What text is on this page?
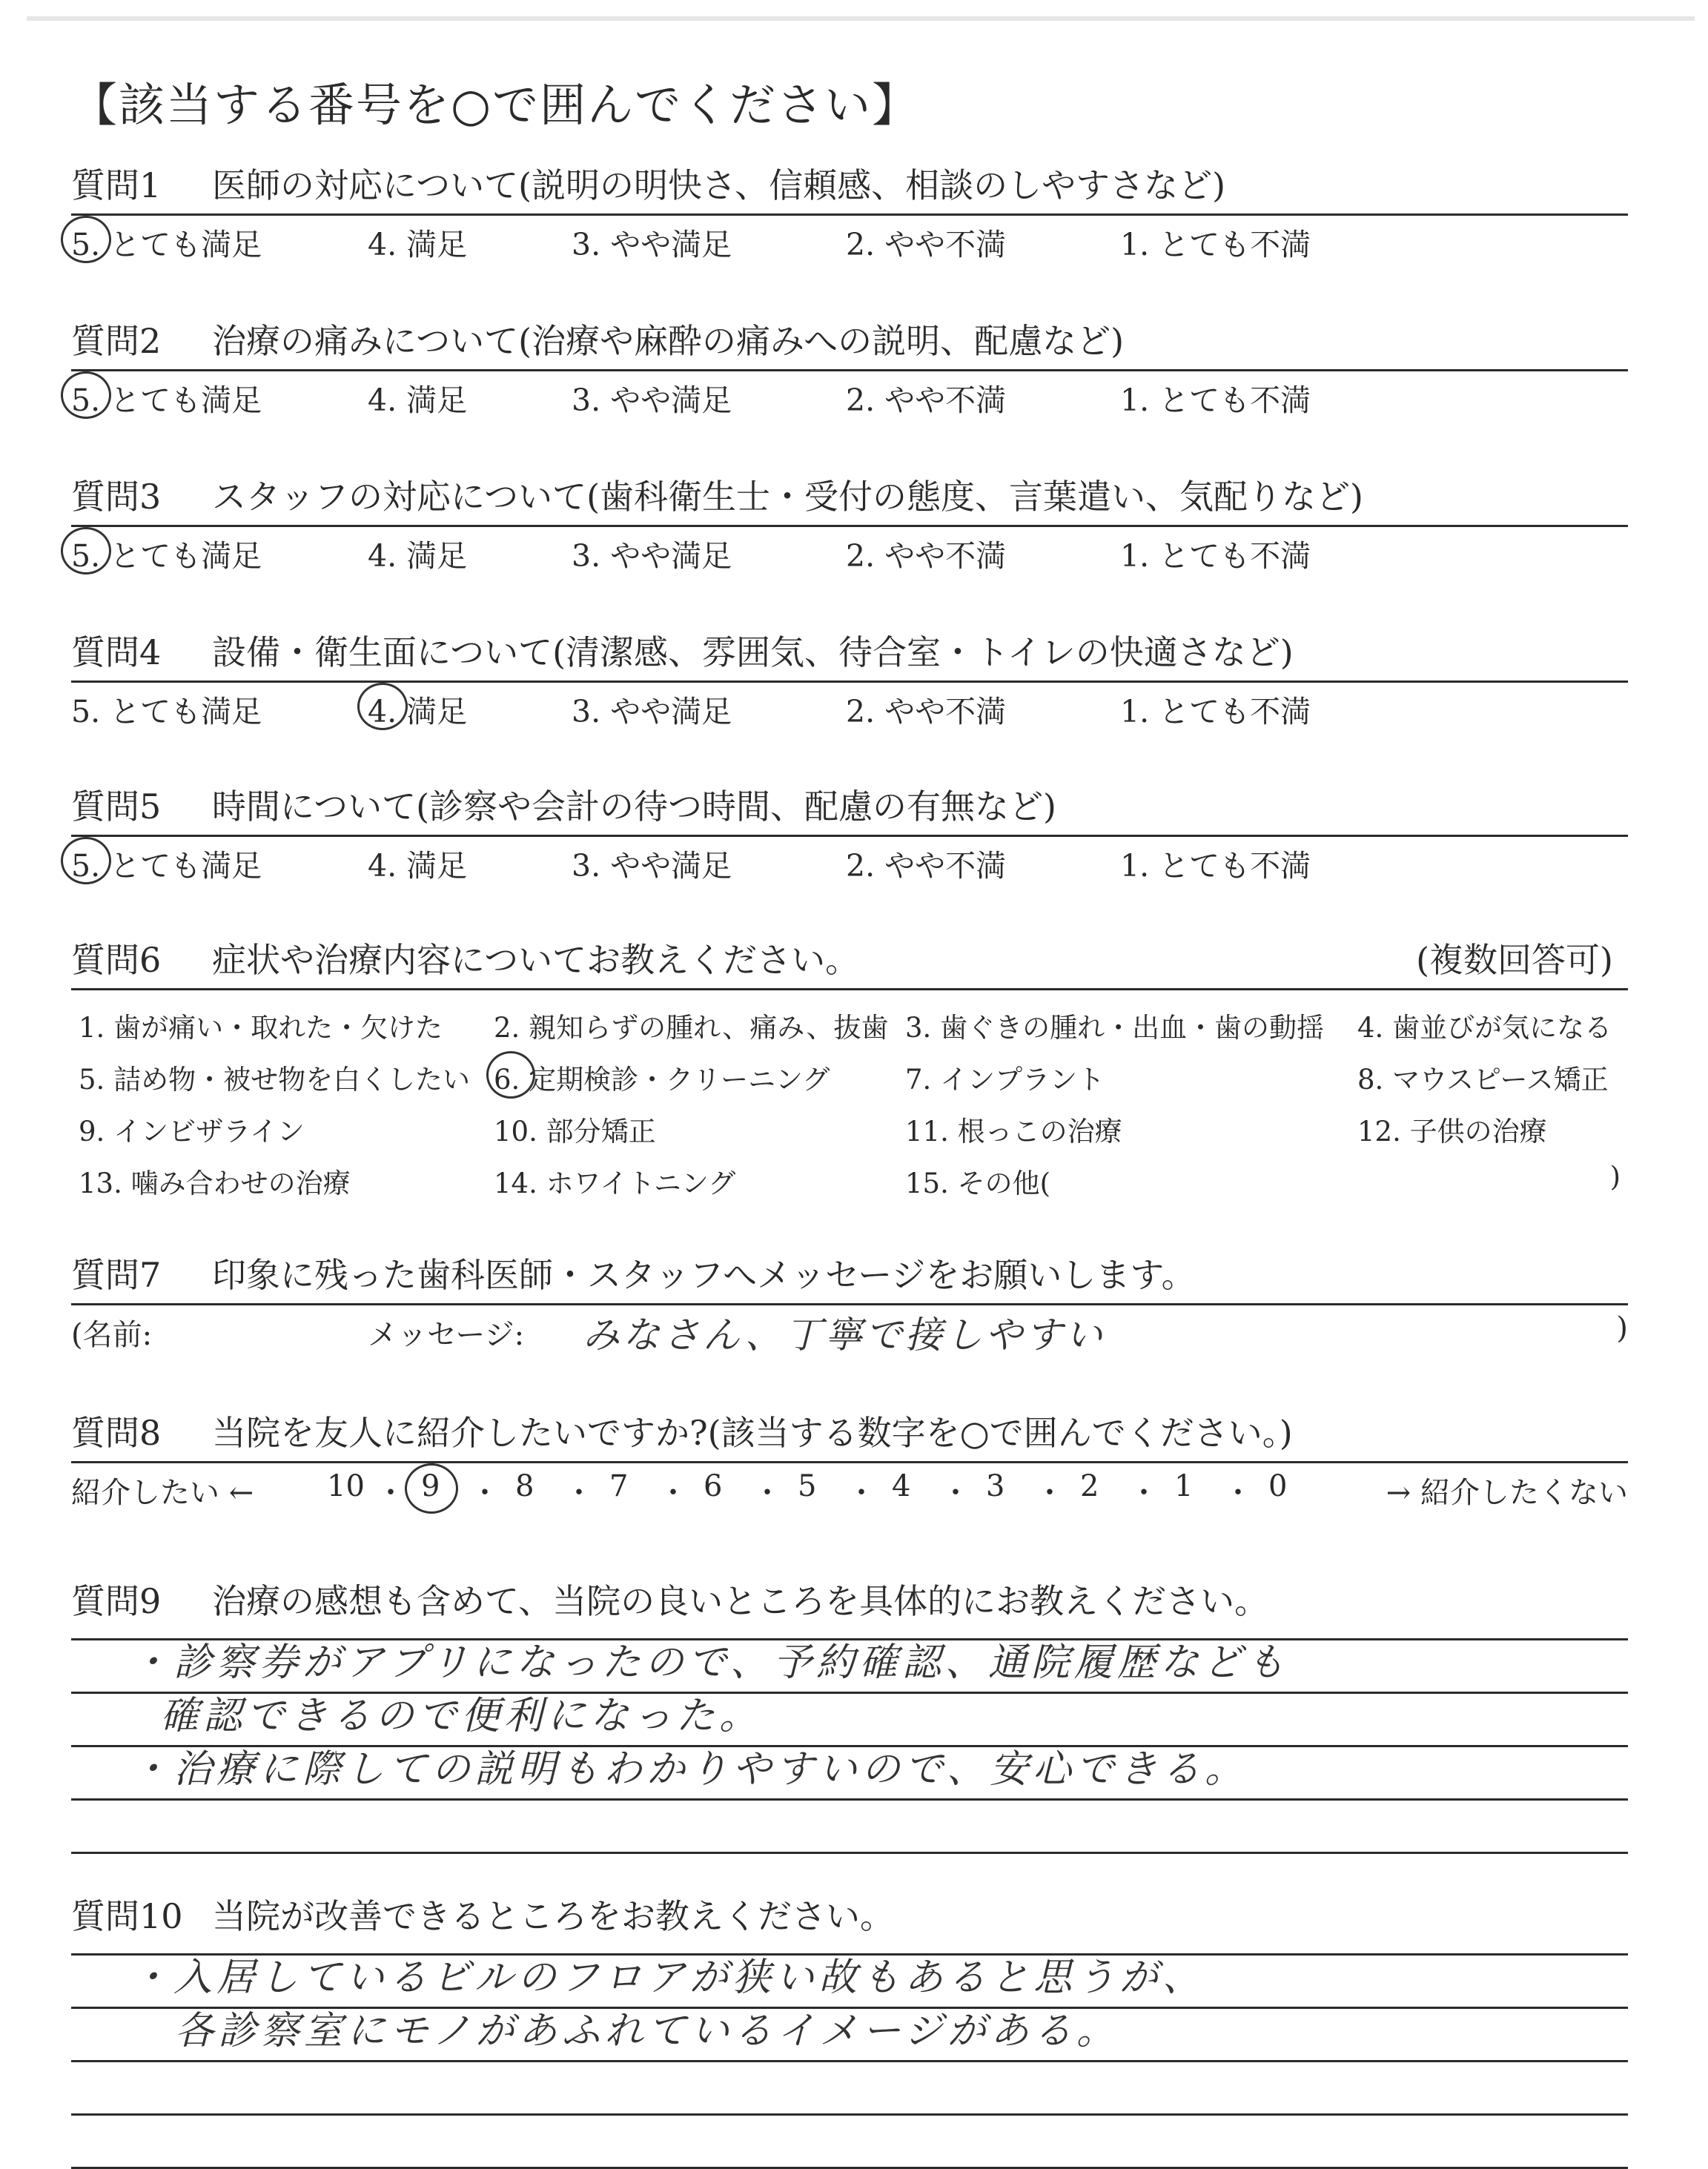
【該当する番号を○で囲んでください】
質問1 医師の対応について(説明の明快さ、信頼感、相談のしやすさなど)
5. とても満足	4. 満足	3. やや満足	2. やや不満	1. とても不満
質問2 治療の痛みについて(治療や麻酔の痛みへの説明、配慮など)
5. とても満足	4. 満足	3. やや満足	2. やや不満	1. とても不満
質問3 スタッフの対応について(歯科衛生士・受付の態度、言葉遣い、気配りなど)
5. とても満足	4. 満足	3. やや満足	2. やや不満	1. とても不満
質問4 設備・衛生面について(清潔感、雰囲気、待合室・トイレの快適さなど)
5. とても満足	4. 満足	3. やや満足	2. やや不満	1. とても不満
質問5 時間について(診察や会計の待つ時間、配慮の有無など)
5. とても満足	4. 満足	3. やや満足	2. やや不満	1. とても不満
質問6 症状や治療内容についてお教えください。	(複数回答可)
1. 歯が痛い・取れた・欠けた 2. 親知らずの腫れ、痛み、抜歯 3. 歯ぐきの腫れ・出血・歯の動揺 4. 歯並びが気になる
5. 詰め物・被せ物を白くしたい 6. 定期検診・クリーニング	7. インプラント	8. マウスピース矯正
9. インビザライン	10. 部分矯正	11. 根っこの治療	12. 子供の治療
13. 噛み合わせの治療	14. ホワイトニング	15. その他(	)
質問7 印象に残った歯科医師・スタッフへメッセージをお願いします。
(名前:	メッセージ: みなさん、丁寧で接しやすい	)
質問8 当院を友人に紹介したいですか?(該当する数字を○で囲んでください。)
紹介したい ←	→ 紹介したくない
10 ・ 9 ・ 8 ・ 7 ・ 6 ・ 5 ・ 4 ・ 3 ・ 2 ・ 1 ・ 0
質問9 治療の感想も含めて、当院の良いところを具体的にお教えください。
・診察券がアプリになったので、予約確認、通院履歴なども
確認できるので便利になった。
・治療に際しての説明もわかりやすいので、安心できる。
質問10 当院が改善できるところをお教えください。
・入居しているビルのフロアが狭い故もあると思うが、
各診察室にモノがあふれているイメージがある。
